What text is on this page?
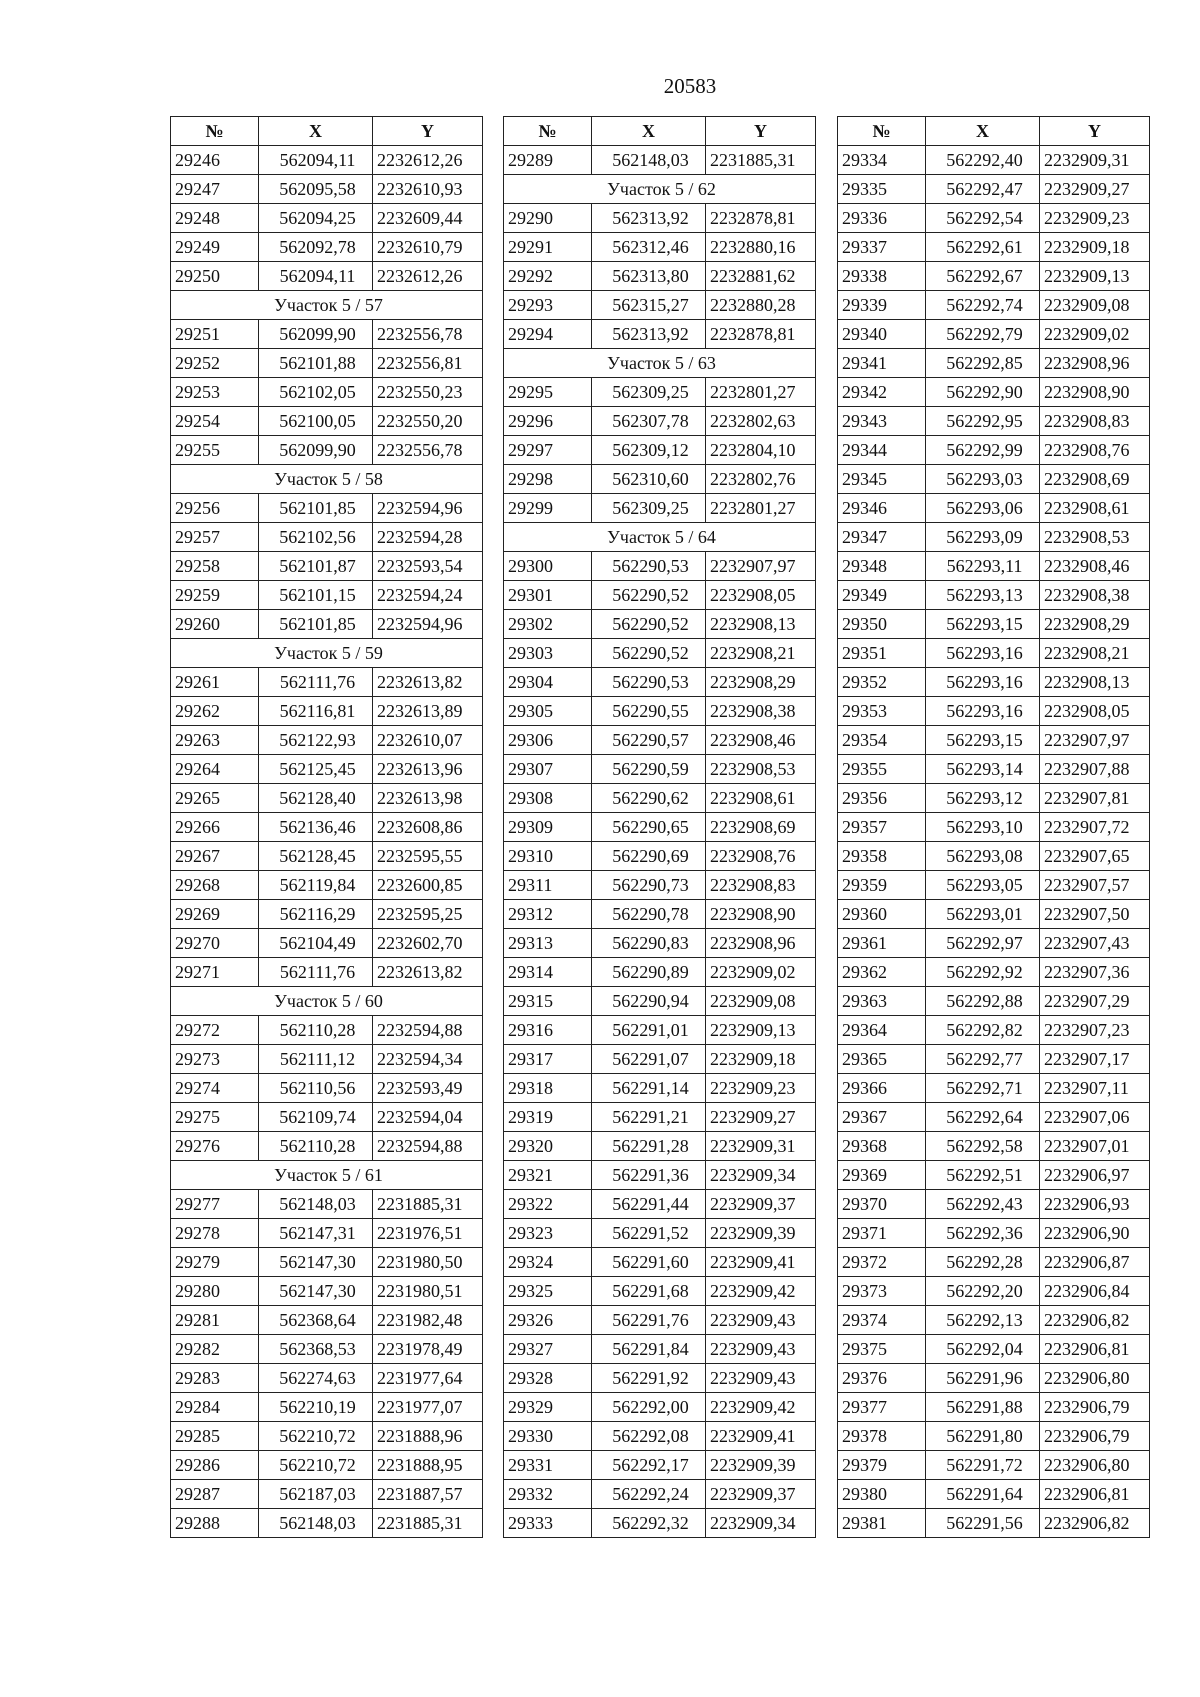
20583
№	X	Y
29246	562094,11	2232612,26
29247	562095,58	2232610,93
29248	562094,25	2232609,44
29249	562092,78	2232610,79
29250	562094,11	2232612,26
Участок 5 / 57		
29251	562099,90	2232556,78
29252	562101,88	2232556,81
29253	562102,05	2232550,23
29254	562100,05	2232550,20
29255	562099,90	2232556,78
Участок 5 / 58		
29256	562101,85	2232594,96
29257	562102,56	2232594,28
29258	562101,87	2232593,54
29259	562101,15	2232594,24
29260	562101,85	2232594,96
Участок 5 / 59		
29261	562111,76	2232613,82
29262	562116,81	2232613,89
29263	562122,93	2232610,07
29264	562125,45	2232613,96
29265	562128,40	2232613,98
29266	562136,46	2232608,86
29267	562128,45	2232595,55
29268	562119,84	2232600,85
29269	562116,29	2232595,25
29270	562104,49	2232602,70
29271	562111,76	2232613,82
Участок 5 / 60		
29272	562110,28	2232594,88
29273	562111,12	2232594,34
29274	562110,56	2232593,49
29275	562109,74	2232594,04
29276	562110,28	2232594,88
Участок 5 / 61		
29277	562148,03	2231885,31
29278	562147,31	2231976,51
29279	562147,30	2231980,50
29280	562147,30	2231980,51
29281	562368,64	2231982,48
29282	562368,53	2231978,49
29283	562274,63	2231977,64
29284	562210,19	2231977,07
29285	562210,72	2231888,96
29286	562210,72	2231888,95
29287	562187,03	2231887,57
29288	562148,03	2231885,31
№	X	Y
29289	562148,03	2231885,31
Участок 5 / 62		
29290	562313,92	2232878,81
29291	562312,46	2232880,16
29292	562313,80	2232881,62
29293	562315,27	2232880,28
29294	562313,92	2232878,81
Участок 5 / 63		
29295	562309,25	2232801,27
29296	562307,78	2232802,63
29297	562309,12	2232804,10
29298	562310,60	2232802,76
29299	562309,25	2232801,27
Участок 5 / 64		
29300	562290,53	2232907,97
29301	562290,52	2232908,05
29302	562290,52	2232908,13
29303	562290,52	2232908,21
29304	562290,53	2232908,29
29305	562290,55	2232908,38
29306	562290,57	2232908,46
29307	562290,59	2232908,53
29308	562290,62	2232908,61
29309	562290,65	2232908,69
29310	562290,69	2232908,76
29311	562290,73	2232908,83
29312	562290,78	2232908,90
29313	562290,83	2232908,96
29314	562290,89	2232909,02
29315	562290,94	2232909,08
29316	562291,01	2232909,13
29317	562291,07	2232909,18
29318	562291,14	2232909,23
29319	562291,21	2232909,27
29320	562291,28	2232909,31
29321	562291,36	2232909,34
29322	562291,44	2232909,37
29323	562291,52	2232909,39
29324	562291,60	2232909,41
29325	562291,68	2232909,42
29326	562291,76	2232909,43
29327	562291,84	2232909,43
29328	562291,92	2232909,43
29329	562292,00	2232909,42
29330	562292,08	2232909,41
29331	562292,17	2232909,39
29332	562292,24	2232909,37
29333	562292,32	2232909,34
№	X	Y
29334	562292,40	2232909,31
29335	562292,47	2232909,27
29336	562292,54	2232909,23
29337	562292,61	2232909,18
29338	562292,67	2232909,13
29339	562292,74	2232909,08
29340	562292,79	2232909,02
29341	562292,85	2232908,96
29342	562292,90	2232908,90
29343	562292,95	2232908,83
29344	562292,99	2232908,76
29345	562293,03	2232908,69
29346	562293,06	2232908,61
29347	562293,09	2232908,53
29348	562293,11	2232908,46
29349	562293,13	2232908,38
29350	562293,15	2232908,29
29351	562293,16	2232908,21
29352	562293,16	2232908,13
29353	562293,16	2232908,05
29354	562293,15	2232907,97
29355	562293,14	2232907,88
29356	562293,12	2232907,81
29357	562293,10	2232907,72
29358	562293,08	2232907,65
29359	562293,05	2232907,57
29360	562293,01	2232907,50
29361	562292,97	2232907,43
29362	562292,92	2232907,36
29363	562292,88	2232907,29
29364	562292,82	2232907,23
29365	562292,77	2232907,17
29366	562292,71	2232907,11
29367	562292,64	2232907,06
29368	562292,58	2232907,01
29369	562292,51	2232906,97
29370	562292,43	2232906,93
29371	562292,36	2232906,90
29372	562292,28	2232906,87
29373	562292,20	2232906,84
29374	562292,13	2232906,82
29375	562292,04	2232906,81
29376	562291,96	2232906,80
29377	562291,88	2232906,79
29378	562291,80	2232906,79
29379	562291,72	2232906,80
29380	562291,64	2232906,81
29381	562291,56	2232906,82
